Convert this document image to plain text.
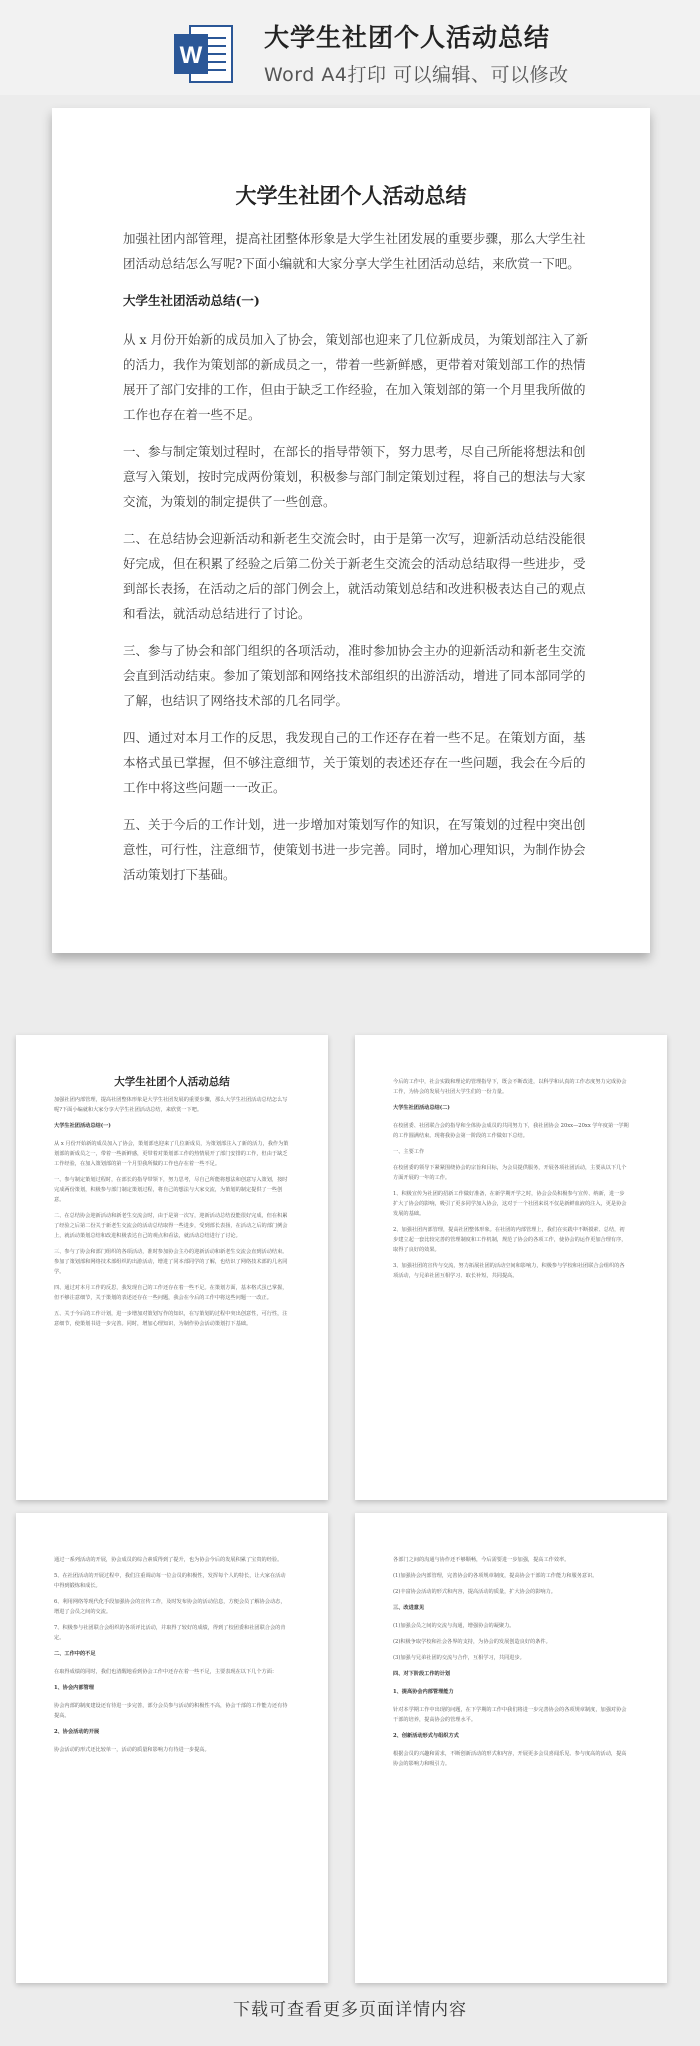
W
大学生社团个人活动总结
Word A4打印 可以编辑、可以修改
大学生社团个人活动总结

加强社团内部管理，提高社团整体形象是大学生社团发展的重要步骤，那么大学生社团活动总结怎么写呢?下面小编就和大家分享大学生社团活动总结，来欣赏一下吧。

大学生社团活动总结(一)

从 x 月份开始新的成员加入了协会，策划部也迎来了几位新成员，为策划部注入了新的活力，我作为策划部的新成员之一，带着一些新鲜感，更带着对策划部工作的热情展开了部门安排的工作，但由于缺乏工作经验，在加入策划部的第一个月里我所做的工作也存在着一些不足。

一、参与制定策划过程时，在部长的指导带领下，努力思考，尽自己所能将想法和创意写入策划，按时完成两份策划，积极参与部门制定策划过程，将自己的想法与大家交流，为策划的制定提供了一些创意。

二、在总结协会迎新活动和新老生交流会时，由于是第一次写，迎新活动总结没能很好完成，但在积累了经验之后第二份关于新老生交流会的活动总结取得一些进步，受到部长表扬，在活动之后的部门例会上，就活动策划总结和改进积极表达自己的观点和看法，就活动总结进行了讨论。

三、参与了协会和部门组织的各项活动，准时参加协会主办的迎新活动和新老生交流会直到活动结束。参加了策划部和网络技术部组织的出游活动，增进了同本部同学的了解，也结识了网络技术部的几名同学。

四、通过对本月工作的反思，我发现自己的工作还存在着一些不足。在策划方面，基本格式虽已掌握，但不够注意细节，关于策划的表述还存在一些问题，我会在今后的工作中将这些问题一一改正。

五、关于今后的工作计划，进一步增加对策划写作的知识，在写策划的过程中突出创意性，可行性，注意细节，使策划书进一步完善。同时，增加心理知识，为制作协会活动策划打下基础。

大学生社团个人活动总结

加强社团内部管理，提高社团整体形象是大学生社团发展的重要步骤，那么大学生社团活动总结怎么写呢?下面小编就和大家分享大学生社团活动总结，来欣赏一下吧。

大学生社团活动总结(一)

从 x 月份开始新的成员加入了协会，策划部也迎来了几位新成员，为策划部注入了新的活力，我作为策划部的新成员之一，带着一些新鲜感，更带着对策划部工作的热情展开了部门安排的工作，但由于缺乏工作经验，在加入策划部的第一个月里我所做的工作也存在着一些不足。

一、参与制定策划过程时，在部长的指导带领下，努力思考，尽自己所能将想法和创意写入策划，按时完成两份策划，积极参与部门制定策划过程，将自己的想法与大家交流，为策划的制定提供了一些创意。

二、在总结协会迎新活动和新老生交流会时，由于是第一次写，迎新活动总结没能很好完成，但在积累了经验之后第二份关于新老生交流会的活动总结取得一些进步，受到部长表扬，在活动之后的部门例会上，就活动策划总结和改进积极表达自己的观点和看法，就活动总结进行了讨论。

三、参与了协会和部门组织的各项活动，准时参加协会主办的迎新活动和新老生交流会直到活动结束。参加了策划部和网络技术部组织的出游活动，增进了同本部同学的了解，也结识了网络技术部的几名同学。

四、通过对本月工作的反思，我发现自己的工作还存在着一些不足。在策划方面，基本格式虽已掌握，但不够注意细节，关于策划的表述还存在一些问题，我会在今后的工作中将这些问题一一改正。

五、关于今后的工作计划，进一步增加对策划写作的知识，在写策划的过程中突出创意性，可行性，注意细节，使策划书进一步完善。同时，增加心理知识，为制作协会活动策划打下基础。

今后的工作中，社会实践和理论的管理指导下，既会不断改进，以科学和认真的工作态度努力完成协会工作，为协会的发展与社团大学生们的一份力量。

大学生社团活动总结(二)

在校团委、社团联合会的指导和全体协会成员的共同努力下，我社团协会 20xx—20xx 学年度第一学期的工作圆满结束。现将我协会第一阶段的工作做如下总结。

一、主要工作

在校团委的领导下紧紧围绕协会的宗旨和目标，为会员提供服务，开展各项社团活动，主要从以下几个方面开展的一年的工作。

1、积极宣传为社团的招新工作做好准备，在新学期开学之时，协会会员积极参与宣传、纳新，进一步扩大了协会的影响，吸引了更多同学加入协会，这对于一个社团来说不仅是新鲜血液的注入，更是协会发展的基础。

2、加强社团内部管理，提高社团整体形象。在社团的内部管理上，我们在实践中不断摸索、总结，初步建立起一套比较完善的管理制度和工作机制，规范了协会的各项工作，使协会的运作更加合理有序，取得了良好的效果。

3、加强社团的宣传与交流，努力拓展社团的活动空间和影响力，积极参与学校和社团联合会组织的各项活动，与兄弟社团互相学习、取长补短，共同提高。

通过一系列活动的开展，协会成员的综合素质得到了提升，也为协会今后的发展积累了宝贵的经验。

5、在社团活动的开展过程中，我们注重调动每一位会员的积极性，发挥每个人的特长，让大家在活动中得到锻炼和成长。

6、利用网络等现代化手段加强协会的宣传工作，及时发布协会的活动信息，方便会员了解协会动态，增进了会员之间的交流。

7、积极参与社团联合会组织的各项评比活动，并取得了较好的成绩，得到了校团委和社团联合会的肯定。

二、工作中的不足

在取得成绩的同时，我们也清醒地看到协会工作中还存在着一些不足，主要表现在以下几个方面：

1、协会内部管理

协会内部的制度建设还有待进一步完善，部分会员参与活动的积极性不高，协会干部的工作能力还有待提高。

2、协会活动的开展

协会活动的形式还比较单一，活动的质量和影响力有待进一步提高。

各部门之间的沟通与协作还不够顺畅，今后需要进一步加强，提高工作效率。

(1)加强协会内部管理，完善协会的各项规章制度，提高协会干部的工作能力和服务意识。

(2)丰富协会活动的形式和内容，提高活动的质量，扩大协会的影响力。

三、改进意见

(1)加强会员之间的交流与沟通，增强协会的凝聚力。

(2)积极争取学校和社会各界的支持，为协会的发展创造良好的条件。

(3)加强与兄弟社团的交流与合作，互相学习，共同进步。

四、对下阶段工作的计划

1、提高协会内部管理能力

针对本学期工作中出现的问题，在下学期的工作中我们将进一步完善协会的各项规章制度，加强对协会干部的培养，提高协会的管理水平。

2、创新活动形式与组织方式

根据会员的兴趣和需求，不断创新活动的形式和内容，开展更多会员喜闻乐见、参与度高的活动，提高协会的影响力和吸引力。

下载可查看更多页面详情内容
